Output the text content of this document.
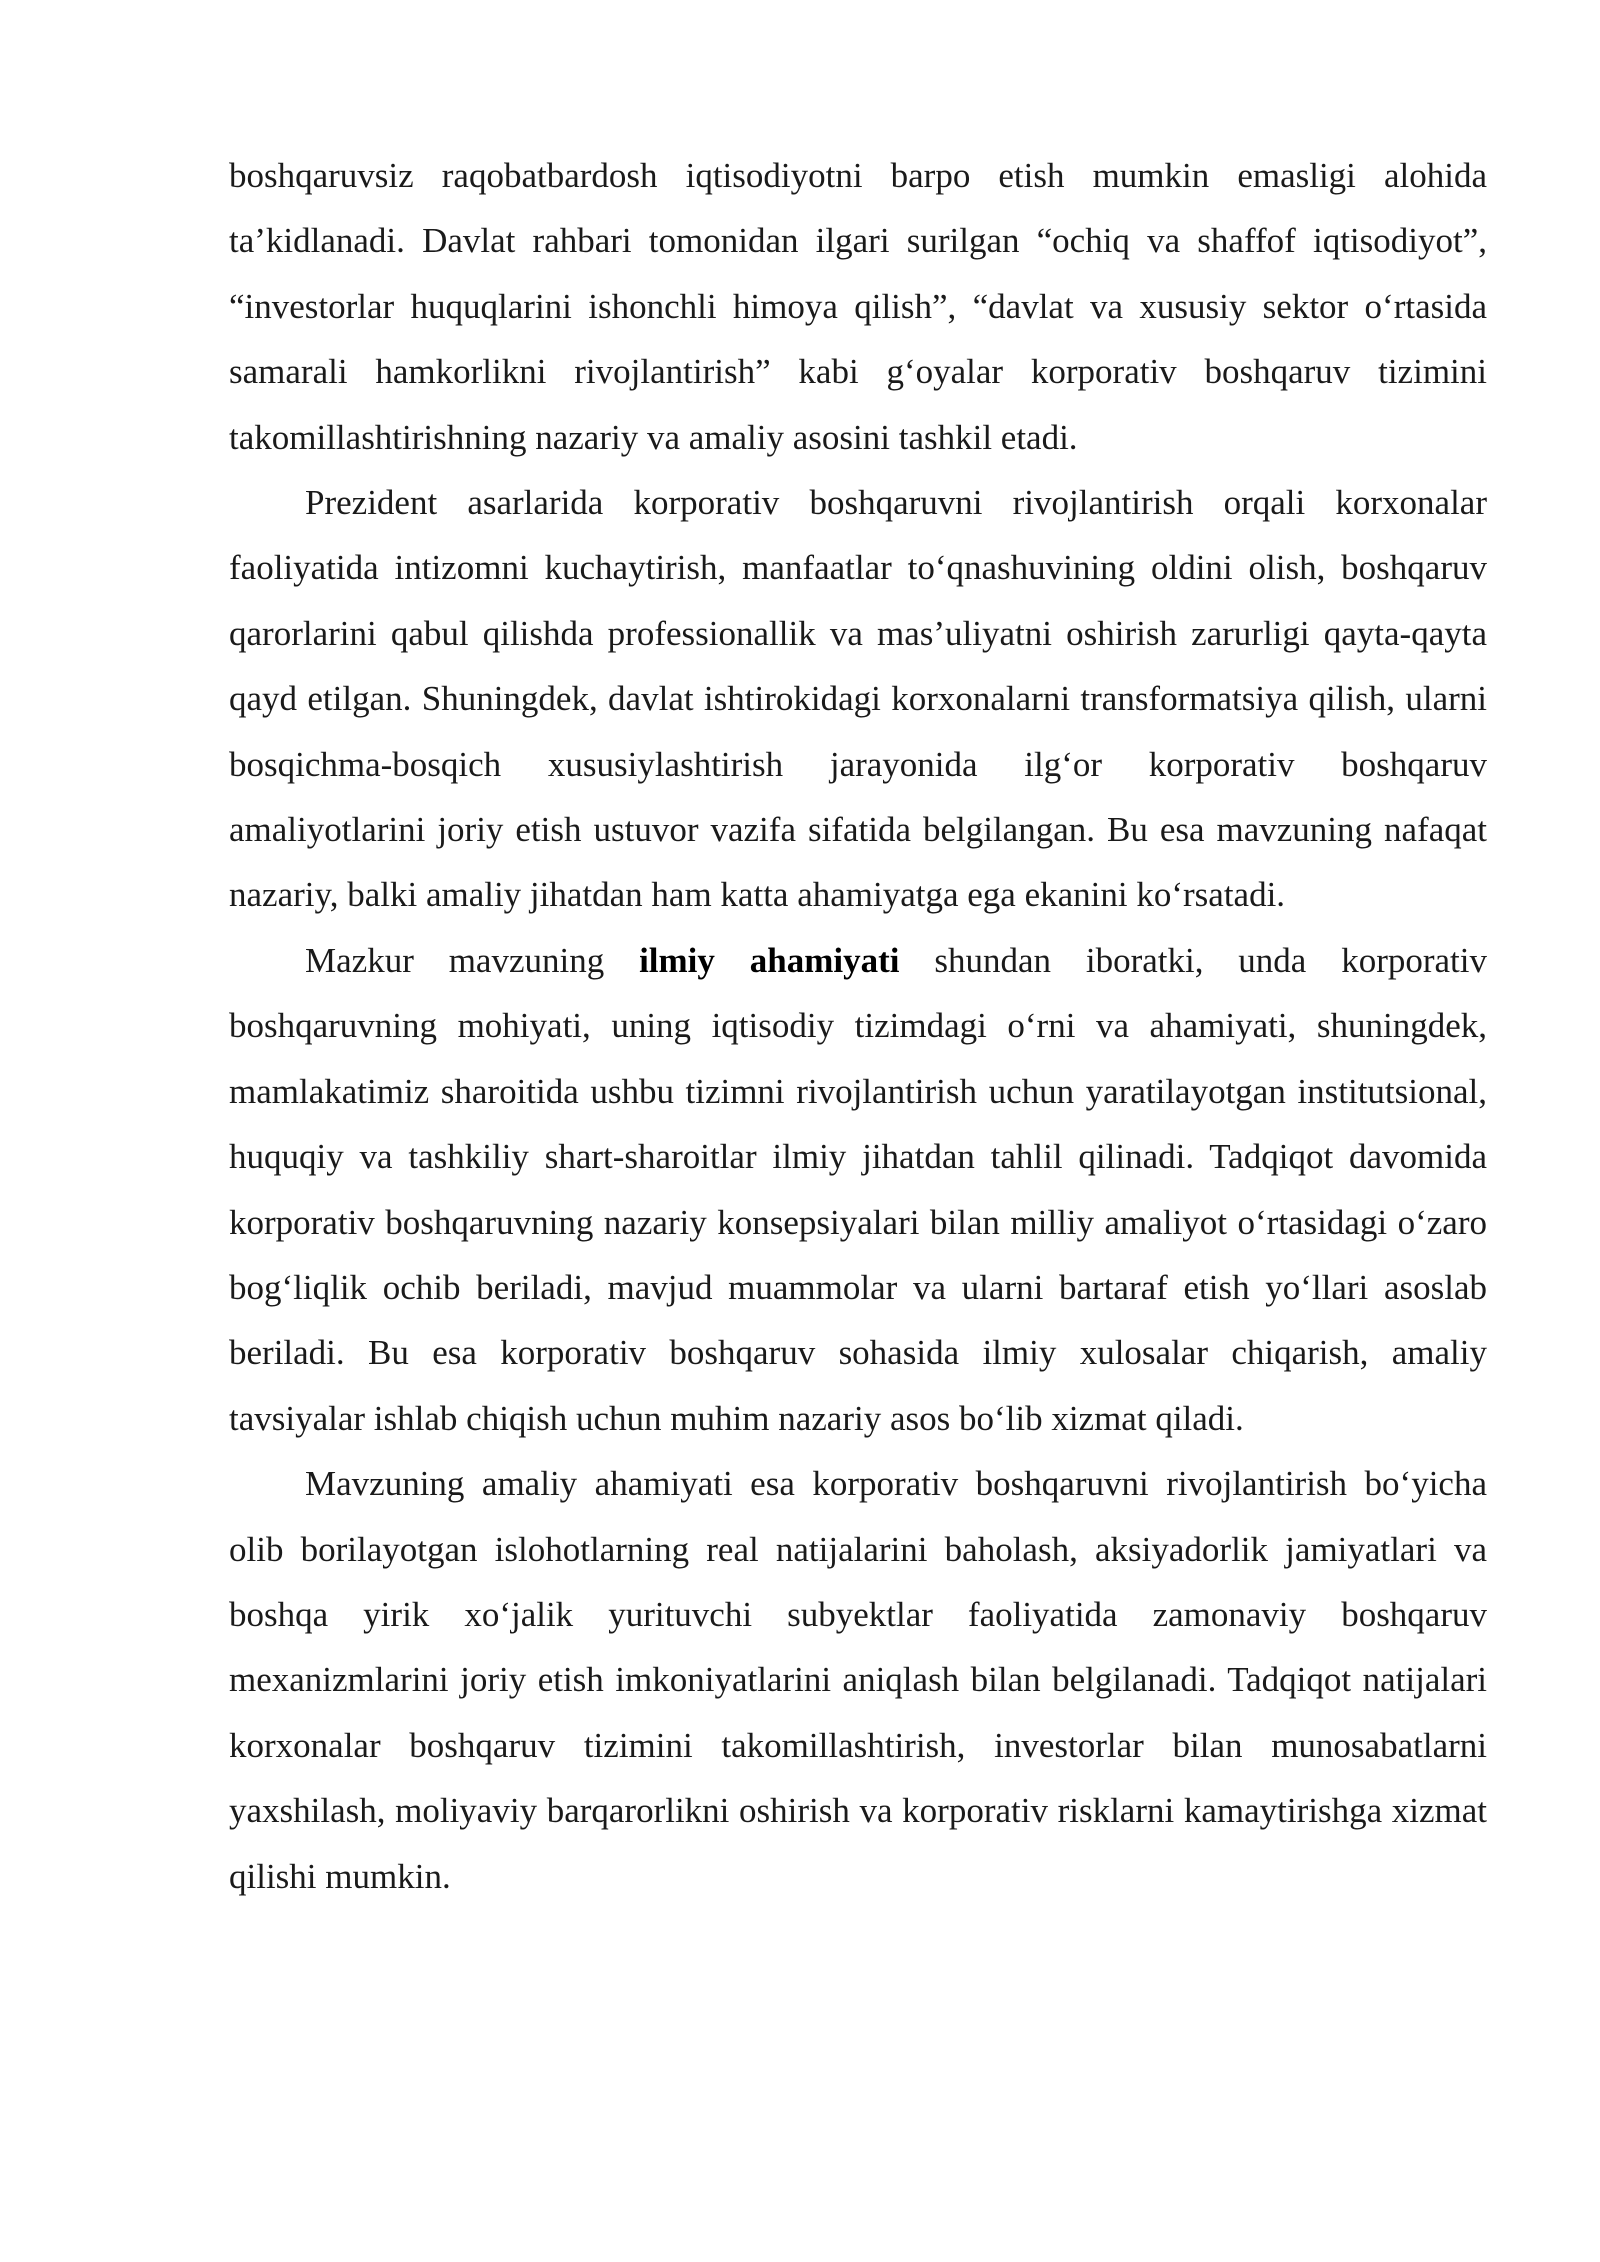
boshqaruvsiz raqobatbardosh iqtisodiyotni barpo etish mumkin emasligi alohida ta’kidlanadi. Davlat rahbari tomonidan ilgari surilgan “ochiq va shaffof iqtisodiyot”, “investorlar huquqlarini ishonchli himoya qilish”, “davlat va xususiy sektor o‘rtasida samarali hamkorlikni rivojlantirish” kabi g‘oyalar korporativ boshqaruv tizimini takomillashtirishning nazariy va amaliy asosini tashkil etadi.

Prezident asarlarida korporativ boshqaruvni rivojlantirish orqali korxonalar faoliyatida intizomni kuchaytirish, manfaatlar to‘qnashuvining oldini olish, boshqaruv qarorlarini qabul qilishda professionallik va mas’uliyatni oshirish zarurligi qayta-qayta qayd etilgan. Shuningdek, davlat ishtirokidagi korxonalarni transformatsiya qilish, ularni bosqichma-bosqich xususiylashtirish jarayonida ilg‘or korporativ boshqaruv amaliyotlarini joriy etish ustuvor vazifa sifatida belgilangan. Bu esa mavzuning nafaqat nazariy, balki amaliy jihatdan ham katta ahamiyatga ega ekanini ko‘rsatadi.

Mazkur mavzuning ilmiy ahamiyati shundan iboratki, unda korporativ boshqaruvning mohiyati, uning iqtisodiy tizimdagi o‘rni va ahamiyati, shuningdek, mamlakatimiz sharoitida ushbu tizimni rivojlantirish uchun yaratilayotgan institutsional, huquqiy va tashkiliy shart-sharoitlar ilmiy jihatdan tahlil qilinadi. Tadqiqot davomida korporativ boshqaruvning nazariy konsepsiyalari bilan milliy amaliyot o‘rtasidagi o‘zaro bog‘liqlik ochib beriladi, mavjud muammolar va ularni bartaraf etish yo‘llari asoslab beriladi. Bu esa korporativ boshqaruv sohasida ilmiy xulosalar chiqarish, amaliy tavsiyalar ishlab chiqish uchun muhim nazariy asos bo‘lib xizmat qiladi.

Mavzuning amaliy ahamiyati esa korporativ boshqaruvni rivojlantirish bo‘yicha olib borilayotgan islohotlarning real natijalarini baholash, aksiyadorlik jamiyatlari va boshqa yirik xo‘jalik yurituvchi subyektlar faoliyatida zamonaviy boshqaruv mexanizmlarini joriy etish imkoniyatlarini aniqlash bilan belgilanadi. Tadqiqot natijalari korxonalar boshqaruv tizimini takomillashtirish, investorlar bilan munosabatlarni yaxshilash, moliyaviy barqarorlikni oshirish va korporativ risklarni kamaytirishga xizmat qilishi mumkin.
